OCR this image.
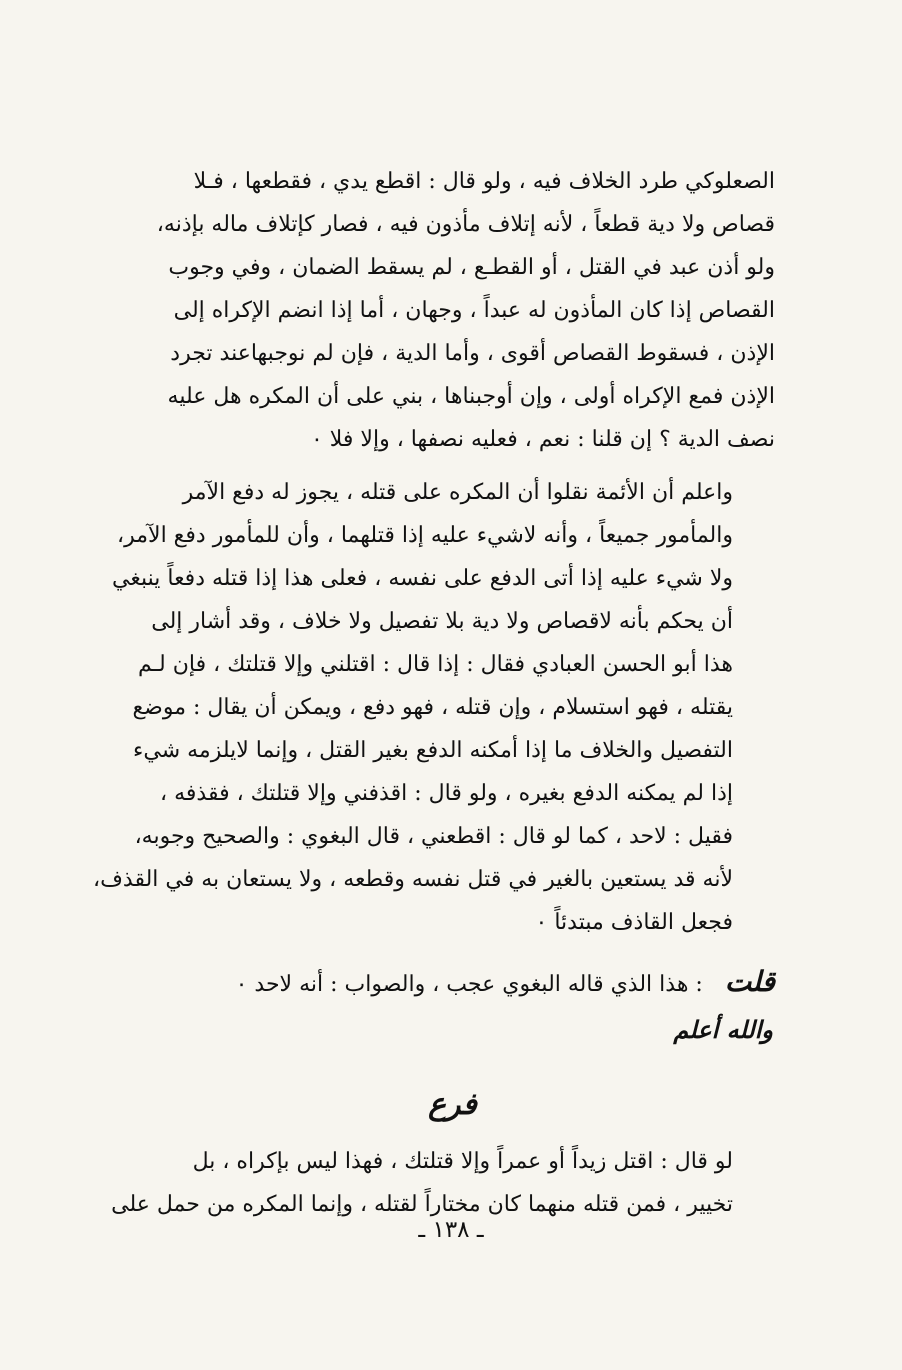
الصعلوكي طرد الخلاف فيه ، ولو قال : اقطع يدي ، فقطعها ، فـلا
قصاص ولا دية قطعاً ، لأنه إتلاف مأذون فيه ، فصار كإتلاف ماله بإذنه،
ولو أذن عبد في القتل ، أو القطـع ، لم يسقط الضمان ، وفي وجوب
القصاص إذا كان المأذون له عبداً ، وجهان ، أما إذا انضم الإكراه إلى
الإذن ، فسقوط القصاص أقوى ، وأما الدية ، فإن لم نوجبهاعند تجرد
الإذن فمع الإكراه أولى ، وإن أوجبناها ، بني على أن المكره هل عليه
نصف الدية ؟ إن قلنا : نعم ، فعليه نصفها ، وإلا فلا ٠

واعلم أن الأئمة نقلوا أن المكره على قتله ، يجوز له دفع الآمر
والمأمور جميعاً ، وأنه لاشيء عليه إذا قتلهما ، وأن للمأمور دفع الآمر،
ولا شيء عليه إذا أتى الدفع على نفسه ، فعلى هذا إذا قتله دفعاً ينبغي
أن يحكم بأنه لاقصاص ولا دية بلا تفصيل ولا خلاف ، وقد أشار إلى
هذا أبو الحسن العبادي فقال : إذا قال : اقتلني وإلا قتلتك ، فإن لـم
يقتله ، فهو استسلام ، وإن قتله ، فهو دفع ، ويمكن أن يقال : موضع
التفصيل والخلاف ما إذا أمكنه الدفع بغير القتل ، وإنما لايلزمه شيء
إذا لم يمكنه الدفع بغيره ، ولو قال : اقذفني وإلا قتلتك ، فقذفه ،
فقيل : لاحد ، كما لو قال : اقطعني ، قال البغوي : والصحيح وجوبه،
لأنه قد يستعين بالغير في قتل نفسه وقطعه ، ولا يستعان به في القذف،
فجعل القاذف مبتدئاً ٠

قلت
: هذا الذي قاله البغوي عجب ، والصواب : أنه لاحد ٠
والله أعلم
فرع

لو قال : اقتل زيداً أو عمراً وإلا قتلتك ، فهذا ليس بإكراه ، بل
تخيير ، فمن قتله منهما كان مختاراً لقتله ، وإنما المكره من حمل على

ـ ١٣٨ ـ
